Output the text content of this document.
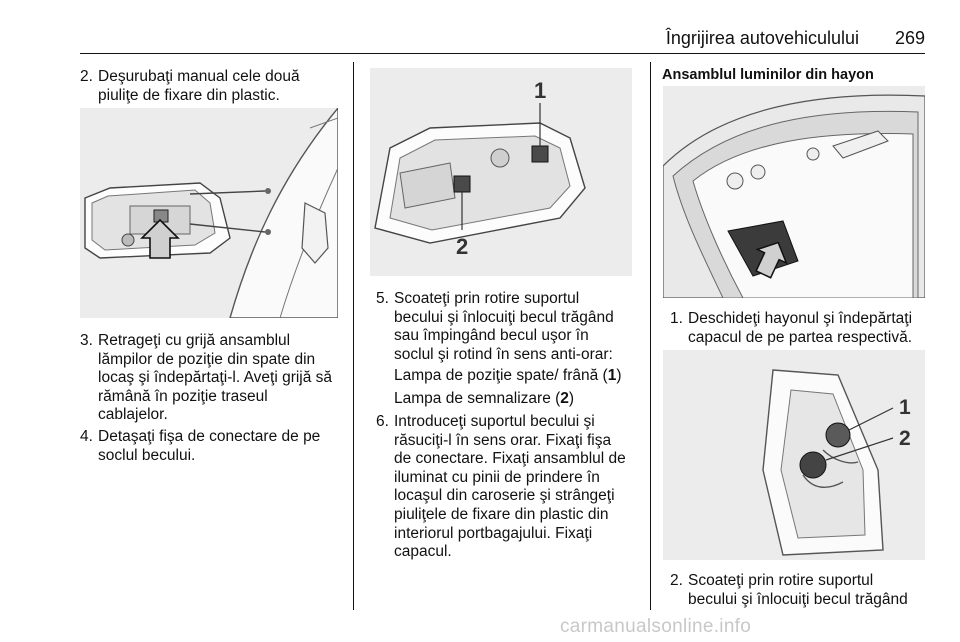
Îngrijirea autovehiculului 269
2. Deşurubaţi manual cele două
piuliţe de fixare din plastic.
3. Retrageţi cu grijă ansamblul
lămpilor de poziţie din spate din
locaş şi îndepărtaţi-l. Aveţi grijă să
rămână în poziţie traseul
cablajelor.
4. Detaşaţi fişa de conectare de pe
soclul becului.
1
2
5. Scoateţi prin rotire suportul
becului şi înlocuiţi becul trăgând
sau împingând becul uşor în
soclul şi rotind în sens anti-orar:
Lampa de poziţie spate/ frână (1)
Lampa de semnalizare (2)
6. Introduceţi suportul becului şi
răsuciţi-l în sens orar. Fixaţi fişa
de conectare. Fixaţi ansamblul de
iluminat cu pinii de prindere în
locaşul din caroserie şi strângeţi
piuliţele de fixare din plastic din
interiorul portbagajului. Fixaţi
capacul.
Ansamblul luminilor din hayon
1. Deschideţi hayonul şi îndepărtaţi
capacul de pe partea respectivă.
1
2
2. Scoateţi prin rotire suportul
becului şi înlocuiţi becul trăgând
carmanualsonline.info
